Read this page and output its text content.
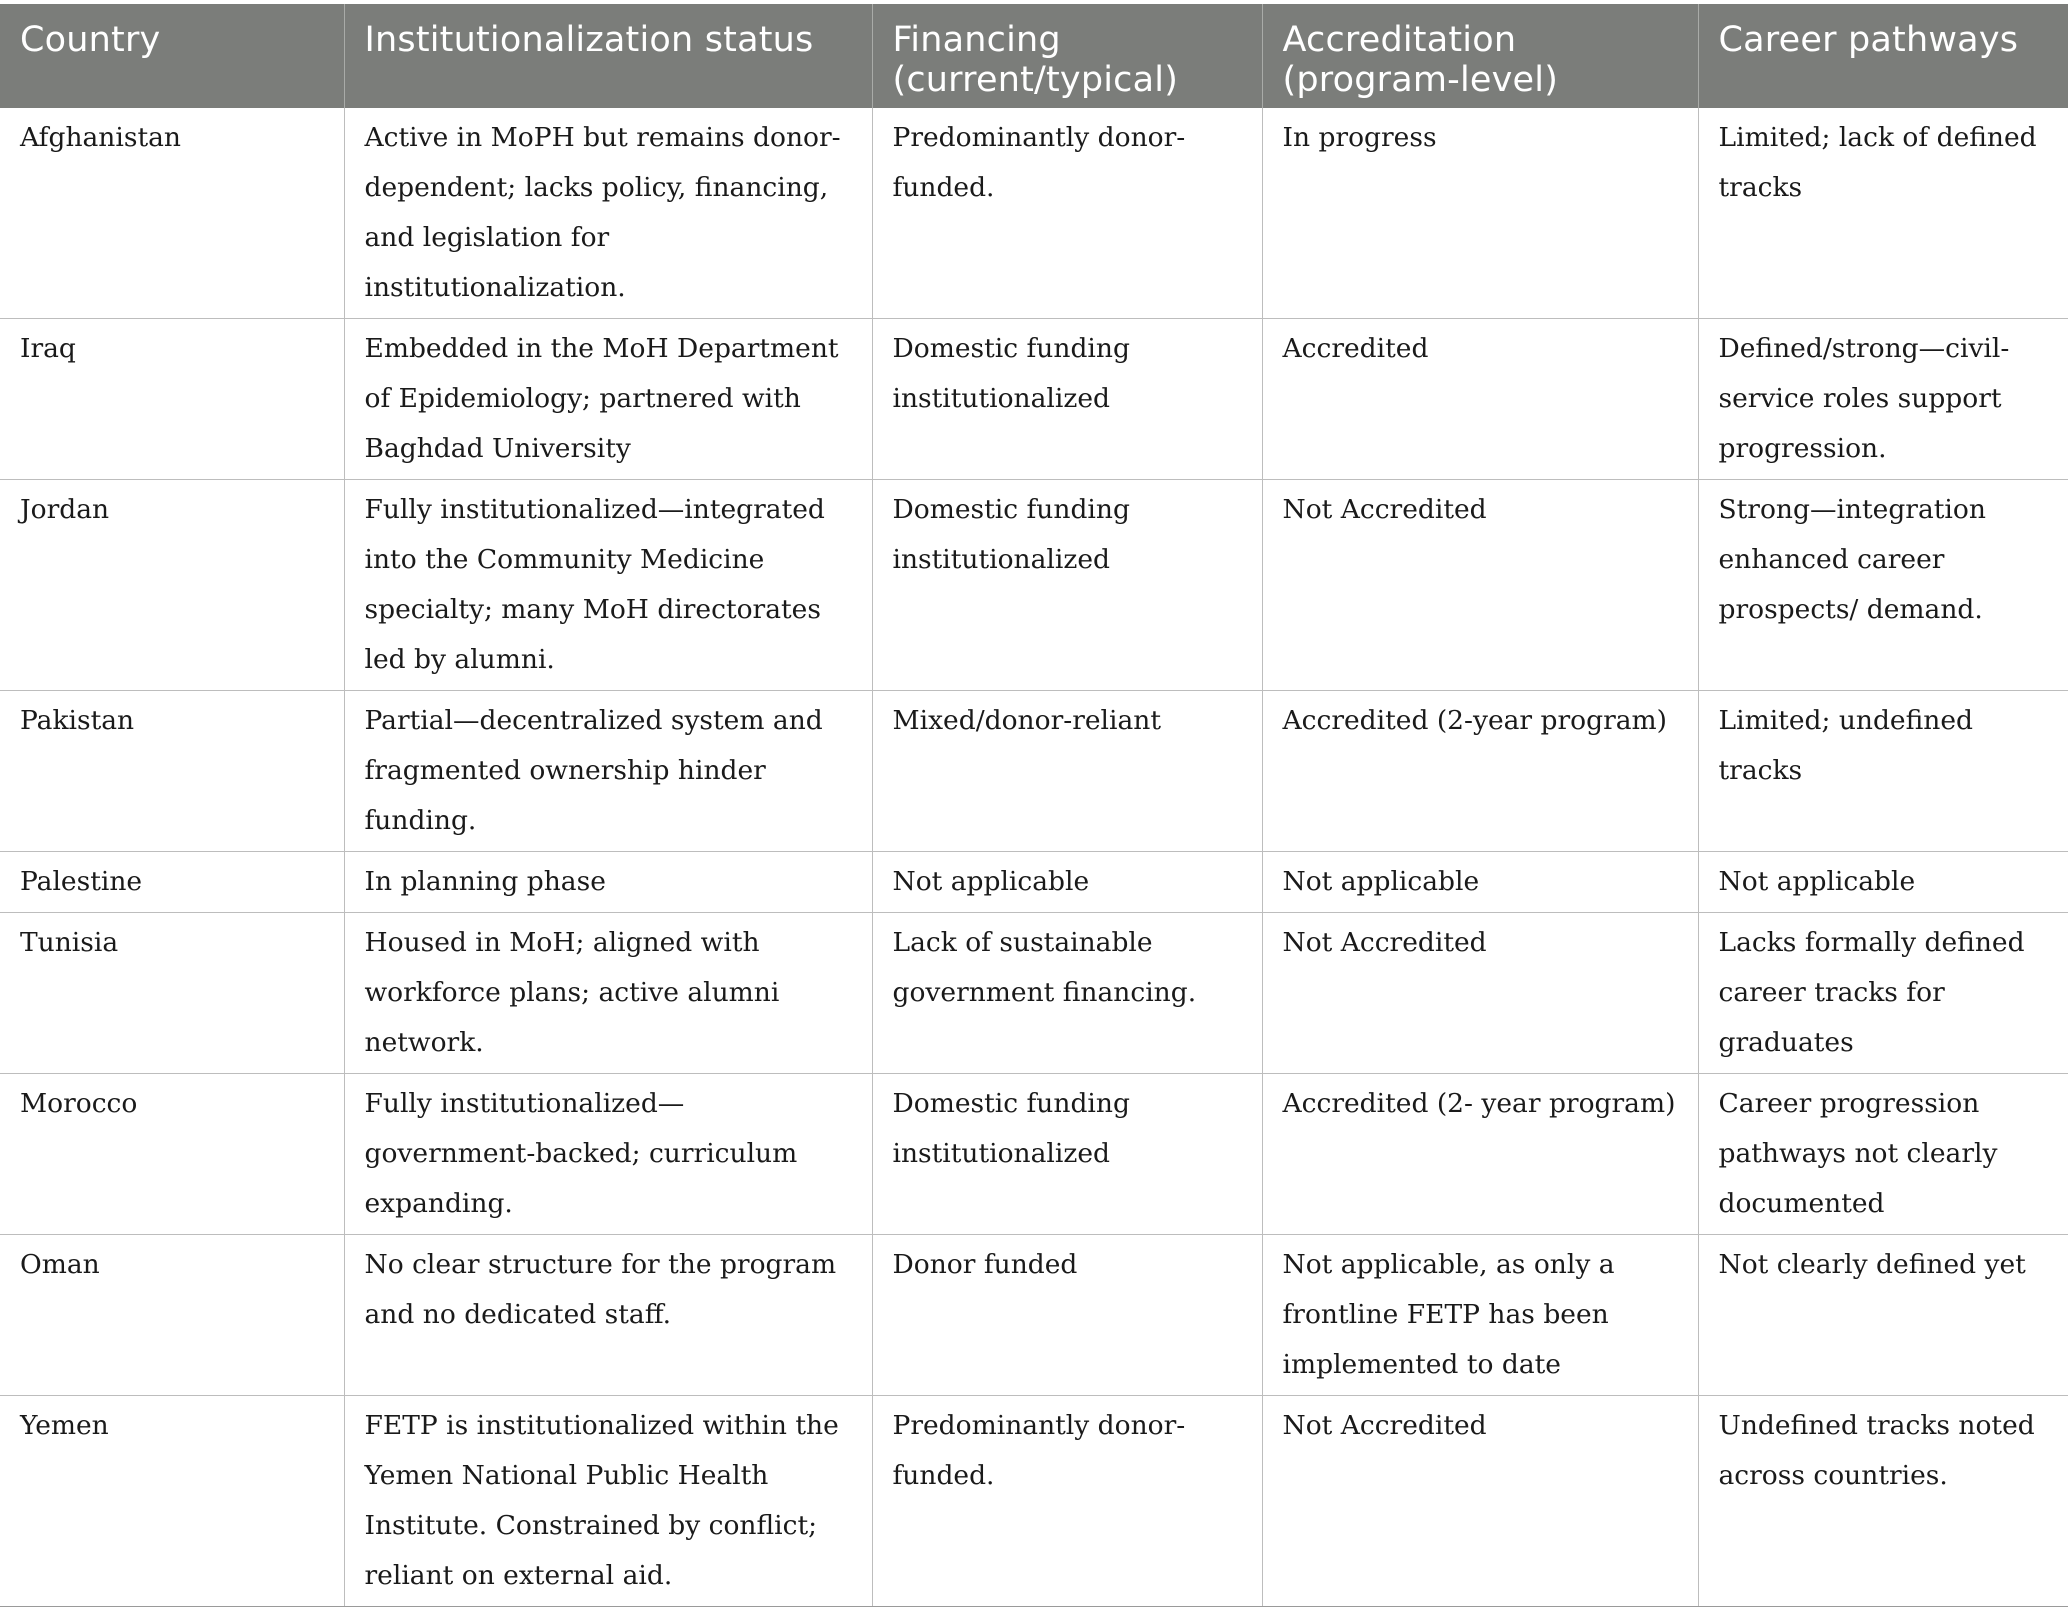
Country	Institutionalization status	Financing (current/typical)	Accreditation (program-level)	Career pathways
Afghanistan	Active in MoPH but remains donor-dependent; lacks policy, financing, and legislation for institutionalization.	Predominantly donor-funded.	In progress	Limited; lack of defined tracks
Iraq	Embedded in the MoH Department of Epidemiology; partnered with Baghdad University	Domestic funding institutionalized	Accredited	Defined/strong—civil-service roles support progression.
Jordan	Fully institutionalized—integrated into the Community Medicine specialty; many MoH directorates led by alumni.	Domestic funding institutionalized	Not Accredited	Strong—integration enhanced career prospects/ demand.
Pakistan	Partial—decentralized system and fragmented ownership hinder funding.	Mixed/donor-reliant	Accredited (2-year program)	Limited; undefined tracks
Palestine	In planning phase	Not applicable	Not applicable	Not applicable
Tunisia	Housed in MoH; aligned with workforce plans; active alumni network.	Lack of sustainable government financing.	Not Accredited	Lacks formally defined career tracks for graduates
Morocco	Fully institutionalized—government-backed; curriculum expanding.	Domestic funding institutionalized	Accredited (2- year program)	Career progression pathways not clearly documented
Oman	No clear structure for the program and no dedicated staff.	Donor funded	Not applicable, as only a frontline FETP has been implemented to date	Not clearly defined yet
Yemen	FETP is institutionalized within the Yemen National Public Health Institute. Constrained by conflict; reliant on external aid.	Predominantly donor-funded.	Not Accredited	Undefined tracks noted across countries.
